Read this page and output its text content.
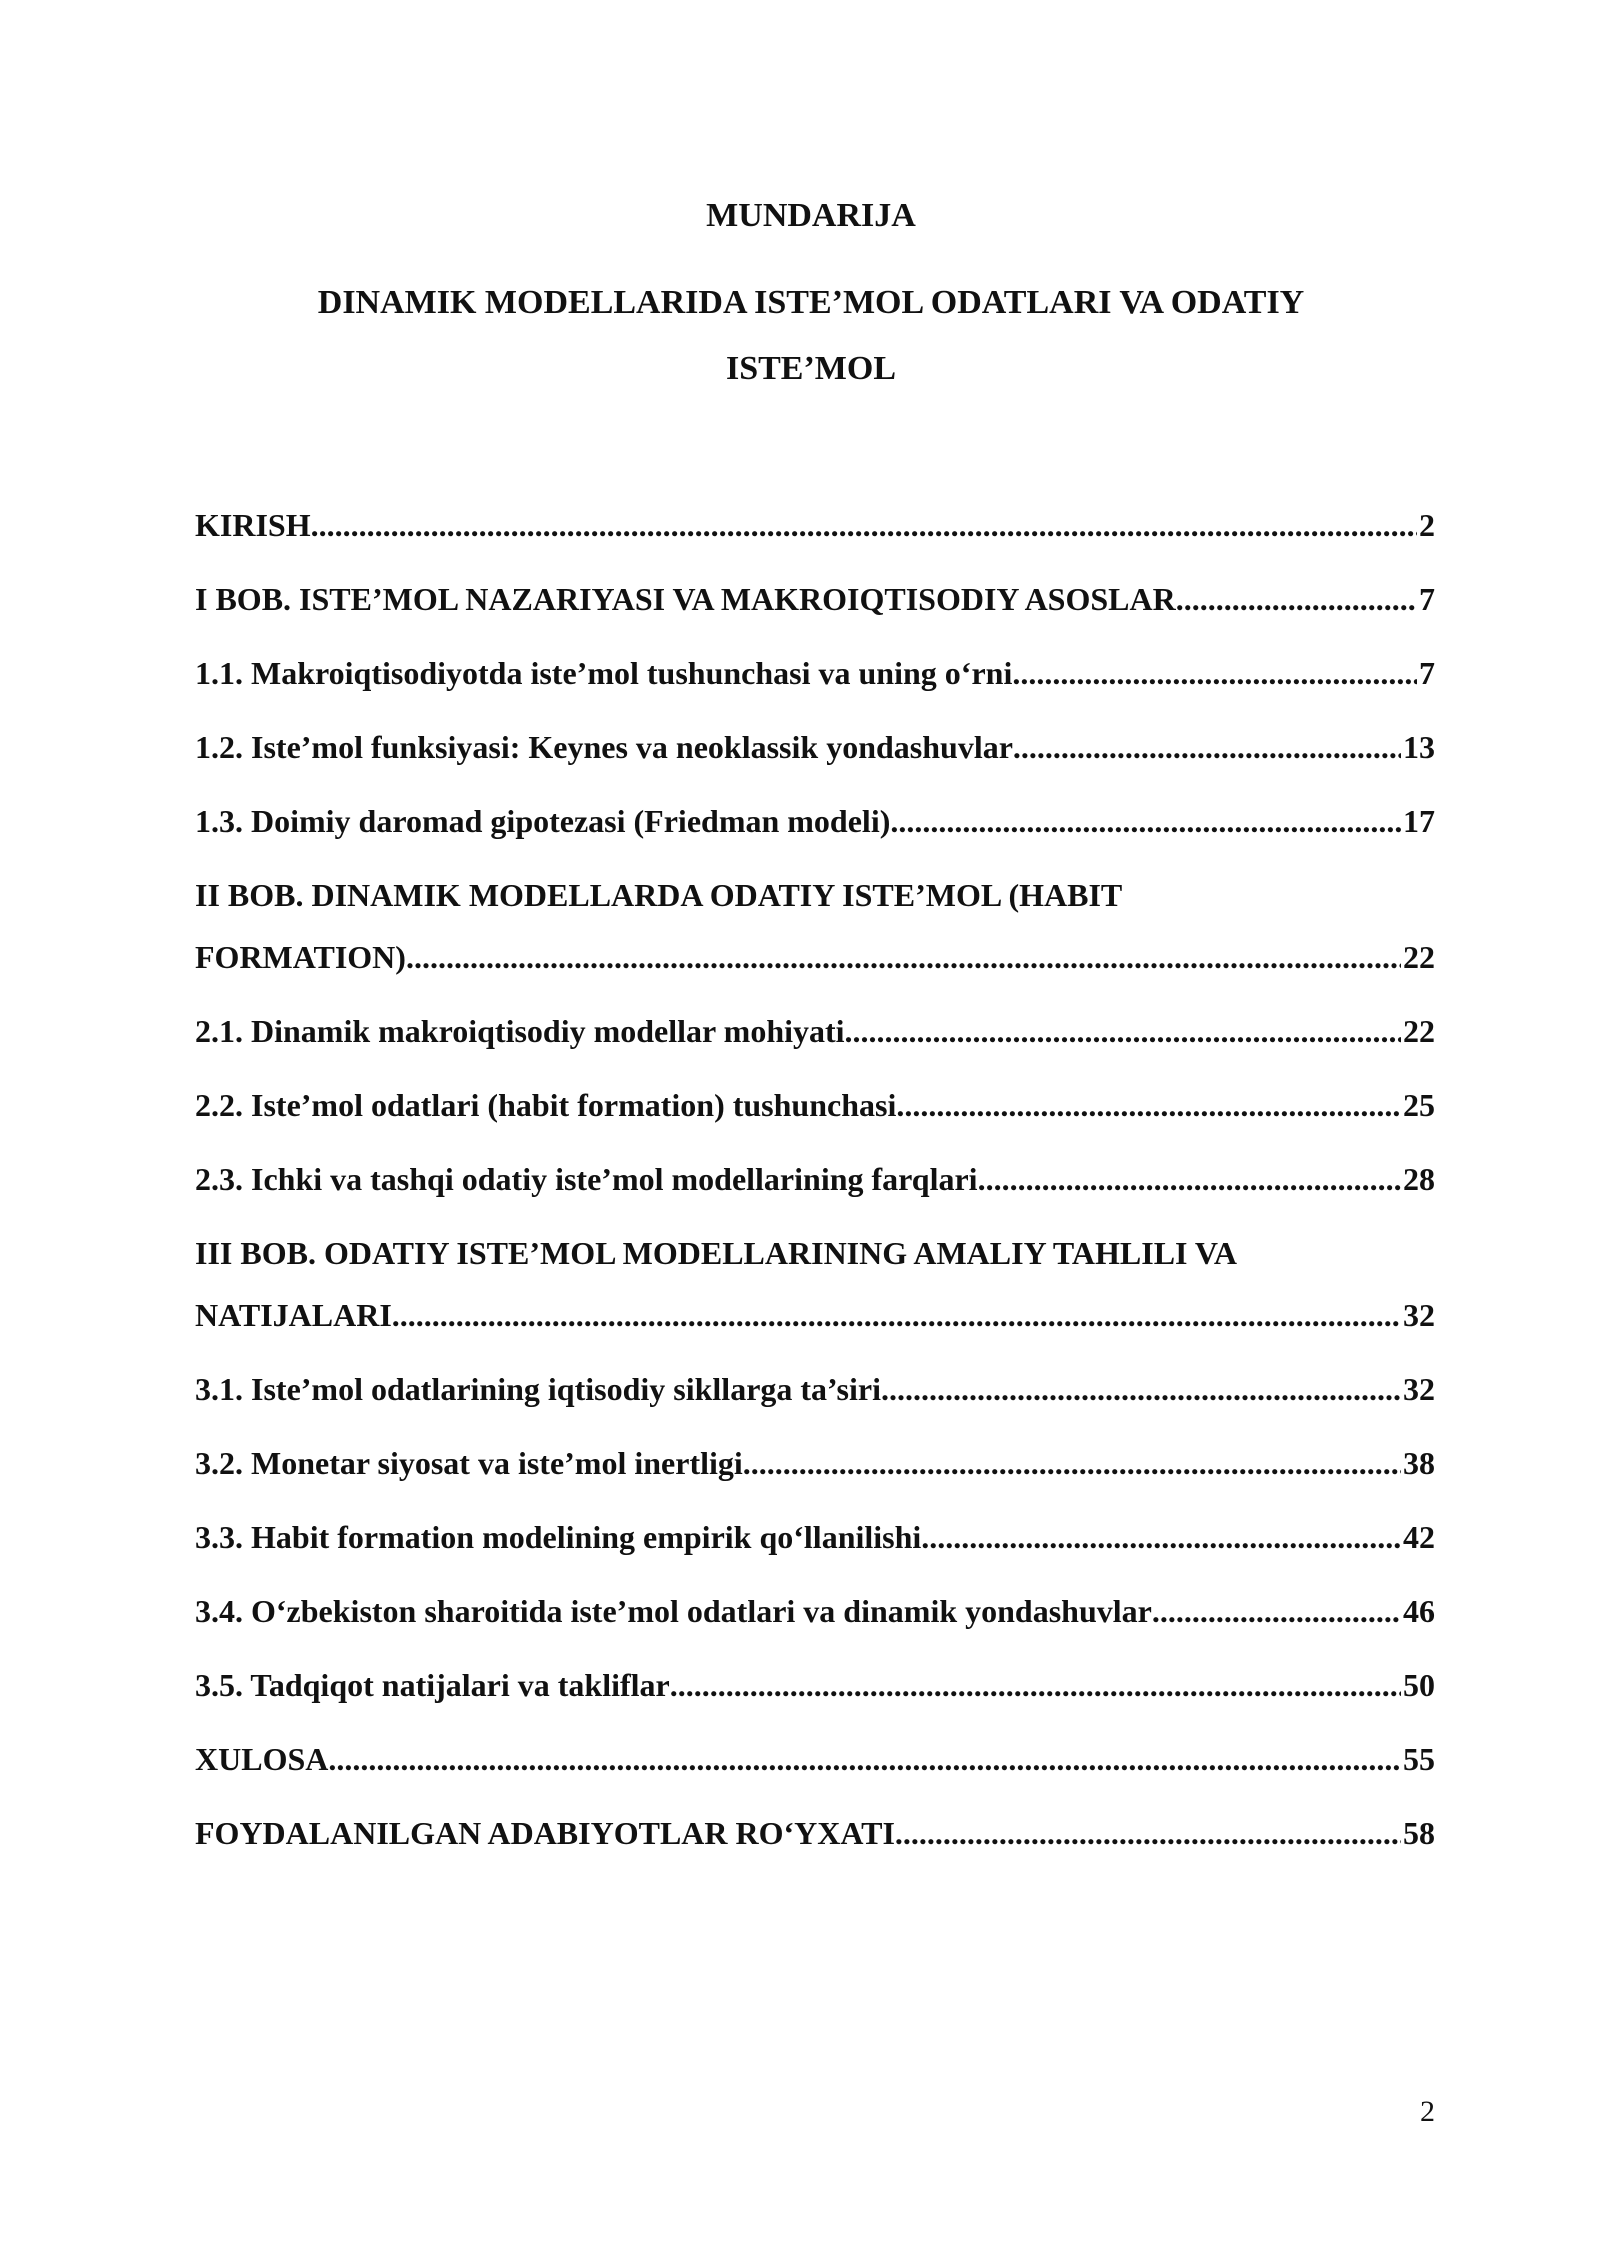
MUNDARIJA
DINAMIK MODELLARIDA ISTE’MOL ODATLARI VA ODATIY
ISTE’MOL
KIRISH .....	2
I BOB. ISTE’MOL NAZARIYASI VA MAKROIQTISODIY ASOSLAR .....	7
1.1. Makroiqtisodiyotda iste’mol tushunchasi va uning o‘rni .....	7
1.2. Iste’mol funksiyasi: Keynes va neoklassik yondashuvlar .....	13
1.3. Doimiy daromad gipotezasi (Friedman modeli) .....	17
II BOB. DINAMIK MODELLARDA ODATIY ISTE’MOL (HABIT
FORMATION) .....	22
2.1. Dinamik makroiqtisodiy modellar mohiyati .....	22
2.2. Iste’mol odatlari (habit formation) tushunchasi .....	25
2.3. Ichki va tashqi odatiy iste’mol modellarining farqlari .....	28
III BOB. ODATIY ISTE’MOL MODELLARINING AMALIY TAHLILI VA
NATIJALARI .....	32
3.1. Iste’mol odatlarining iqtisodiy sikllarga ta’siri .....	32
3.2. Monetar siyosat va iste’mol inertligi .....	38
3.3. Habit formation modelining empirik qo‘llanilishi .....	42
3.4. O‘zbekiston sharoitida iste’mol odatlari va dinamik yondashuvlar .....	46
3.5. Tadqiqot natijalari va takliflar .....	50
XULOSA .....	55
FOYDALANILGAN ADABIYOTLAR RO‘YXATI .....	58
2
